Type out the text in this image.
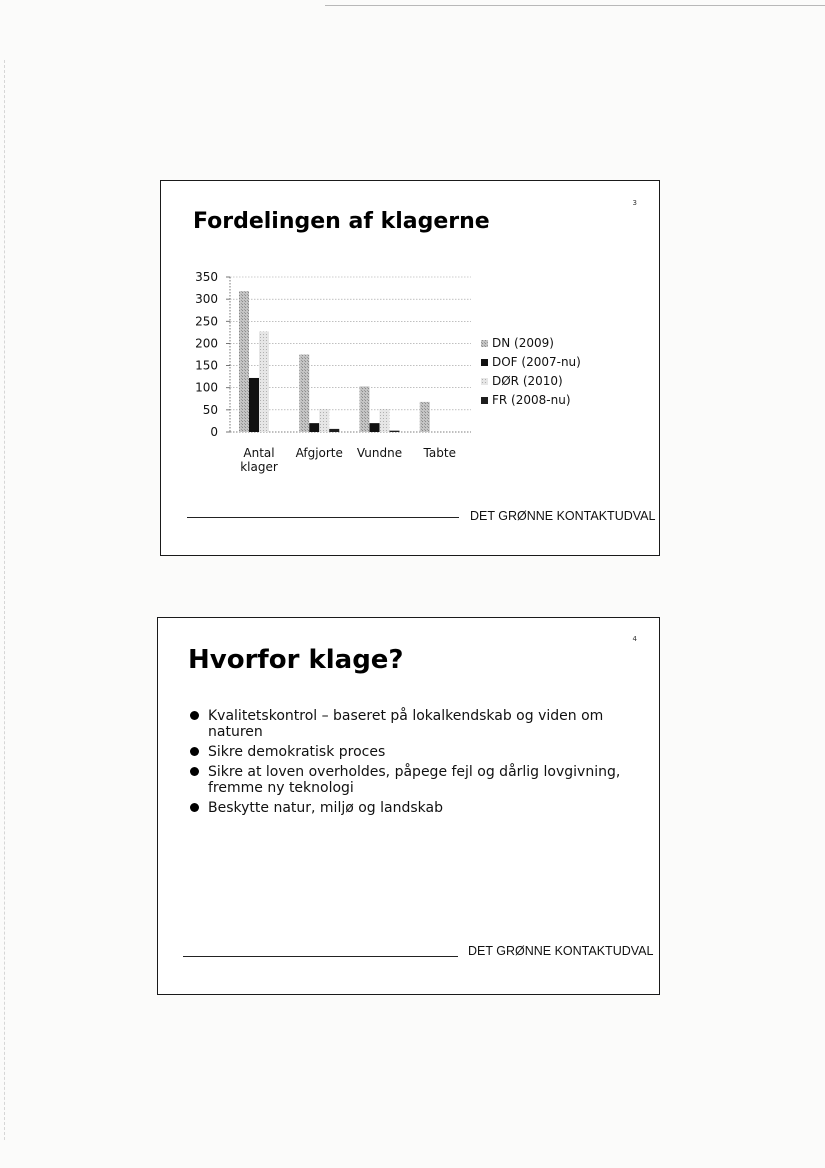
3
Fordelingen af klagerne
0
50
100
150
200
250
300
350
Antal klager
Afgjorte Vundne Tabte
DN (2009)
DOF (2007-nu)
DØR (2010)
FR (2008-nu)
DET GRØNNE KONTAKTUDVAL
4
Hvorfor klage?
Kvalitetskontrol – baseret på lokalkendskab og viden om naturen
Sikre demokratisk proces
Sikre at loven overholdes, påpege fejl og dårlig lovgivning, fremme ny teknologi
Beskytte natur, miljø og landskab
DET GRØNNE KONTAKTUDVAL
